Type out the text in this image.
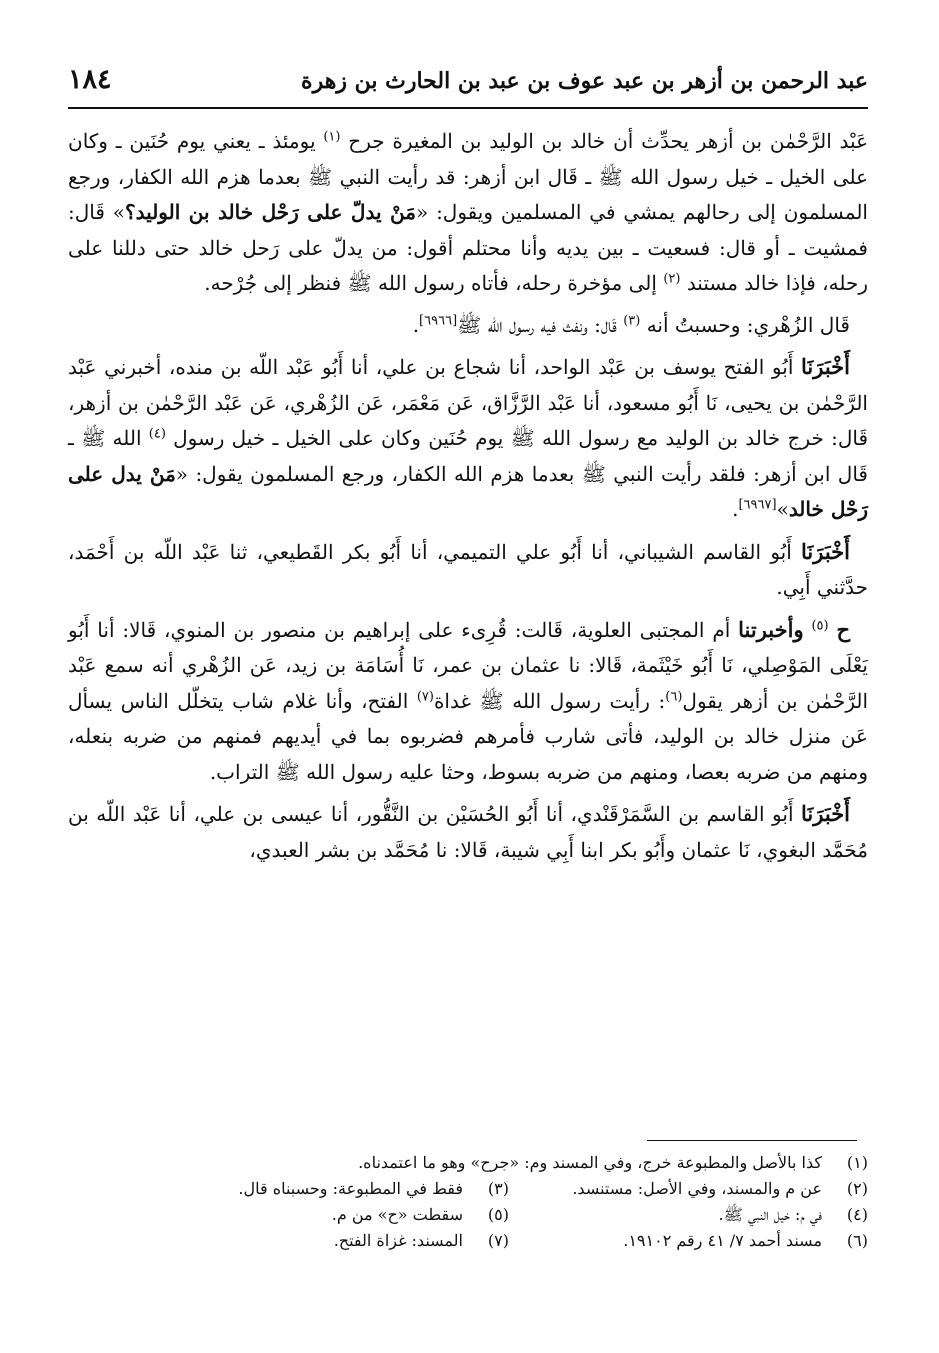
عبد الرحمن بن أزهر بن عبد عوف بن عبد بن الحارث بن زهرة
١٨٤

عَبْد الرَّحْمٰن بن أزهر يحدِّث أن خالد بن الوليد بن المغيرة جرح $^{(١)}$ يومئذ ـ يعني يوم حُنَين ـ وكان على الخيل ـ خيل رسول الله ﷺ ـ قَال ابن أزهر: قد رأيت النبي ﷺ بعدما هزم الله الكفار، ورجع المسلمون إلى رحالهم يمشي في المسلمين ويقول: «مَنْ يدلّ على رَحْل خالد بن الوليد؟» قَال: فمشيت ـ أو قال: فسعيت ـ بين يديه وأنا محتلم أقول: من يدلّ على رَحل خالد حتى دللنا على رحله، فإذا خالد مستند $^{(٢)}$ إلى مؤخرة رحله، فأتاه رسول الله ﷺ فنظر إلى جُرْحه.

قَال الزُهْري: وحسبتُ أنه $^{(٣)}$ قَال: ونفث فيه رسول الله ﷺ[٦٩٦٦].

أَخْبَرَنَا أَبُو الفتح يوسف بن عَبْد الواحد، أنا شجاع بن علي، أنا أَبُو عَبْد اللّه بن منده، أخبرني عَبْد الرَّحْمٰن بن يحيى، نَا أَبُو مسعود، أنا عَبْد الرَّزَّاق، عَن مَعْمَر، عَن الزُهْري، عَن عَبْد الرَّحْمٰن بن أزهر، قَال: خرج خالد بن الوليد مع رسول الله ﷺ يوم حُنَين وكان على الخيل ـ خيل رسول $^{(٤)}$ الله ﷺ ـ قَال ابن أزهر: فلقد رأيت النبي ﷺ بعدما هزم الله الكفار، ورجع المسلمون يقول: «مَنْ يدل على رَحْل خالد»[٦٩٦٧].

أَخْبَرَنَا أَبُو القاسم الشيباني، أنا أَبُو علي التميمي، أنا أَبُو بكر القَطيعي، ثنا عَبْد اللّه بن أَحْمَد، حدَّثني أَبِي.

ح $^{(٥)}$ وأخبرتنا أم المجتبى العلوية، قَالت: قُرِىء على إبراهيم بن منصور بن المنوي، قَالا: أنا أَبُو يَعْلَى المَوْصِلي، نَا أَبُو خَيْثَمة، قَالا: نا عثمان بن عمر، نَا أُسَامَة بن زيد، عَن الزُهْري أنه سمع عَبْد الرَّحْمٰن بن أزهر يقول$^{(٦)}$: رأيت رسول الله ﷺ غداة$^{(٧)}$ الفتح، وأنا غلام شاب يتخلّل الناس يسأل عَن منزل خالد بن الوليد، فأتى شارب فأمرهم فضربوه بما في أيديهم فمنهم من ضربه بنعله، ومنهم من ضربه بعصا، ومنهم من ضربه بسوط، وحثا عليه رسول الله ﷺ التراب.

أَخْبَرَنَا أَبُو القاسم بن السَّمَرْقَنْدي، أنا أَبُو الحُسَيْن بن النَّقُّور، أنا عيسى بن علي، أنا عَبْد اللّه بن مُحَمَّد البغوي، نَا عثمان وأَبُو بكر ابنا أَبِي شيبة، قَالا: نا مُحَمَّد بن بشر العبدي،

(١)كذا بالأصل والمطبوعة خرج، وفي المسند وم: «جرح» وهو ما اعتمدناه.
(٢)عن م والمسند، وفي الأصل: مستنسد.
(٣)فقط في المطبوعة: وحسبناه قال.
(٤)في م: خيل النبي ﷺ.
(٥)سقطت «ح» من م.
(٦)مسند أحمد ٧/ ٤١ رقم ١٩١٠٢.
(٧)المسند: غزاة الفتح.
